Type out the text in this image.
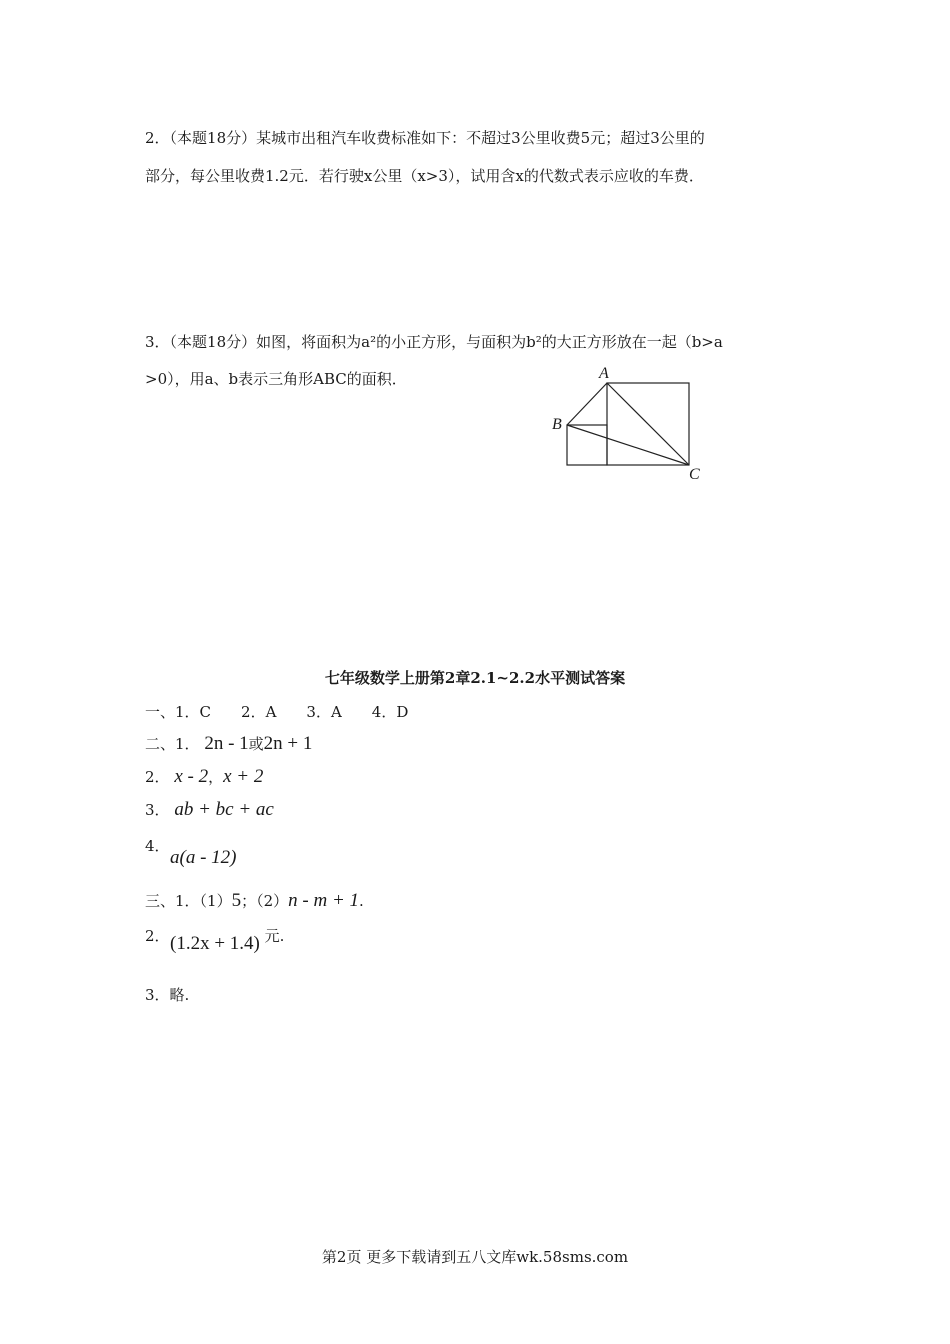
2．（本题18分）某城市出租汽车收费标准如下：不超过3公里收费5元；超过3公里的
部分，每公里收费1.2元．若行驶x公里（x>3），试用含x的代数式表示应收的车费．
3．（本题18分）如图，将面积为a²的小正方形，与面积为b²的大正方形放在一起（b>a
>0），用a、b表示三角形ABC的面积．	A
B
C
七年级数学上册第2章2.1~2.2水平测试答案
一、1．C　　2．A　　3．A　　4．D
二、1． 2n - 1或2n + 1
2． x - 2，x + 2
3． ab + bc + ac
4．
a(a - 12)
三、1．（1）5；（2）n - m + 1.
2． (1.2x + 1.4) 元.
3．略.
第2页 更多下载请到五八文库wk.58sms.com
